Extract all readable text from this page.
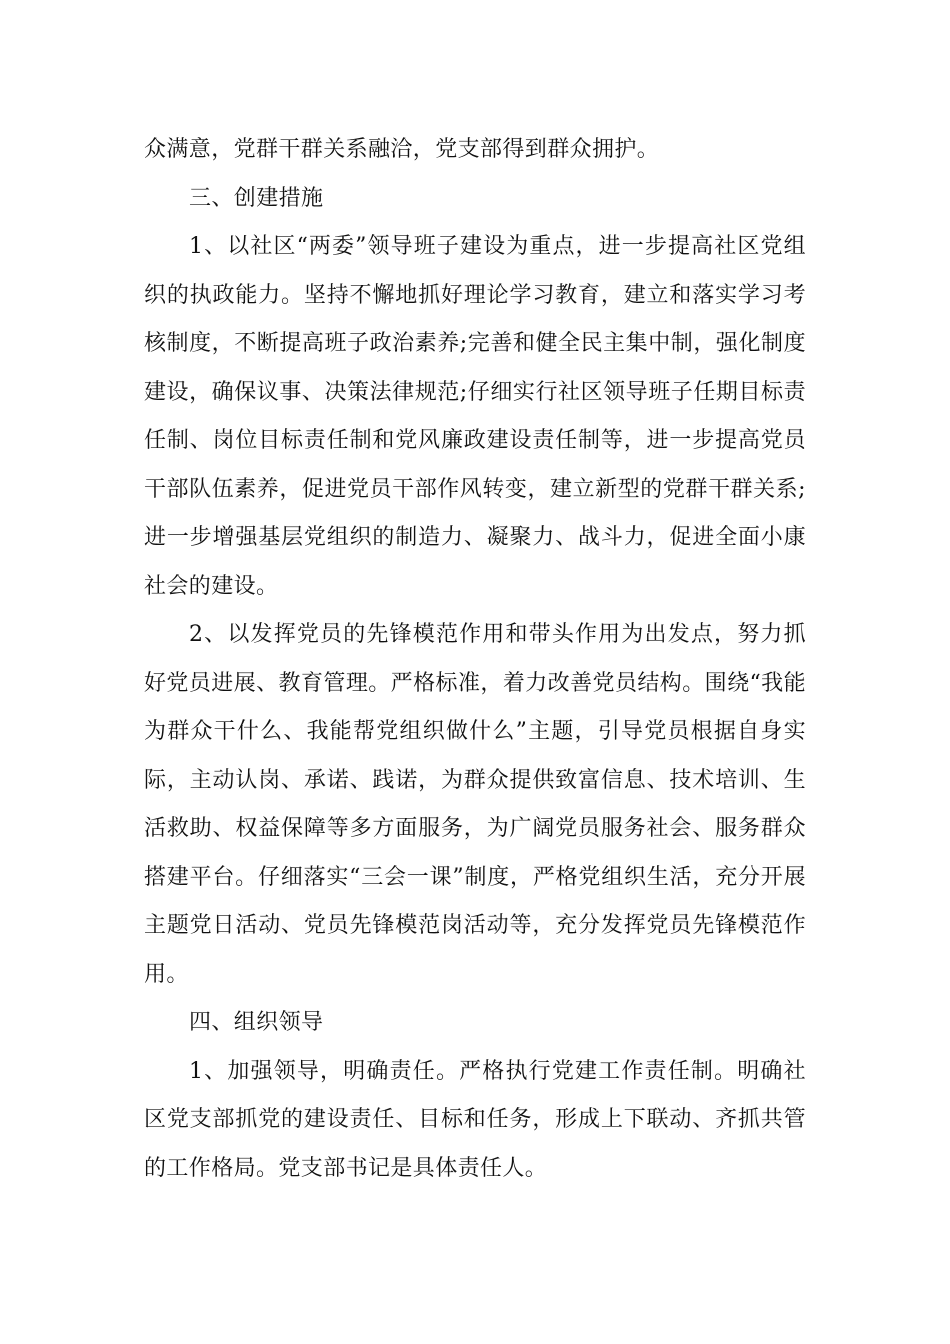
众满意，党群干群关系融洽，党支部得到群众拥护。

三、创建措施

1、以社区“两委”领导班子建设为重点，进一步提高社区党组织的执政能力。坚持不懈地抓好理论学习教育，建立和落实学习考核制度，不断提高班子政治素养;完善和健全民主集中制，强化制度建设，确保议事、决策法律规范;仔细实行社区领导班子任期目标责任制、岗位目标责任制和党风廉政建设责任制等，进一步提高党员干部队伍素养，促进党员干部作风转变，建立新型的党群干群关系;进一步增强基层党组织的制造力、凝聚力、战斗力，促进全面小康社会的建设。

2、以发挥党员的先锋模范作用和带头作用为出发点，努力抓好党员进展、教育管理。严格标准，着力改善党员结构。围绕“我能为群众干什么、我能帮党组织做什么”主题，引导党员根据自身实际，主动认岗、承诺、践诺，为群众提供致富信息、技术培训、生活救助、权益保障等多方面服务，为广阔党员服务社会、服务群众搭建平台。仔细落实“三会一课”制度，严格党组织生活，充分开展主题党日活动、党员先锋模范岗活动等，充分发挥党员先锋模范作用。

四、组织领导

1、加强领导，明确责任。严格执行党建工作责任制。明确社区党支部抓党的建设责任、目标和任务，形成上下联动、齐抓共管的工作格局。党支部书记是具体责任人。
